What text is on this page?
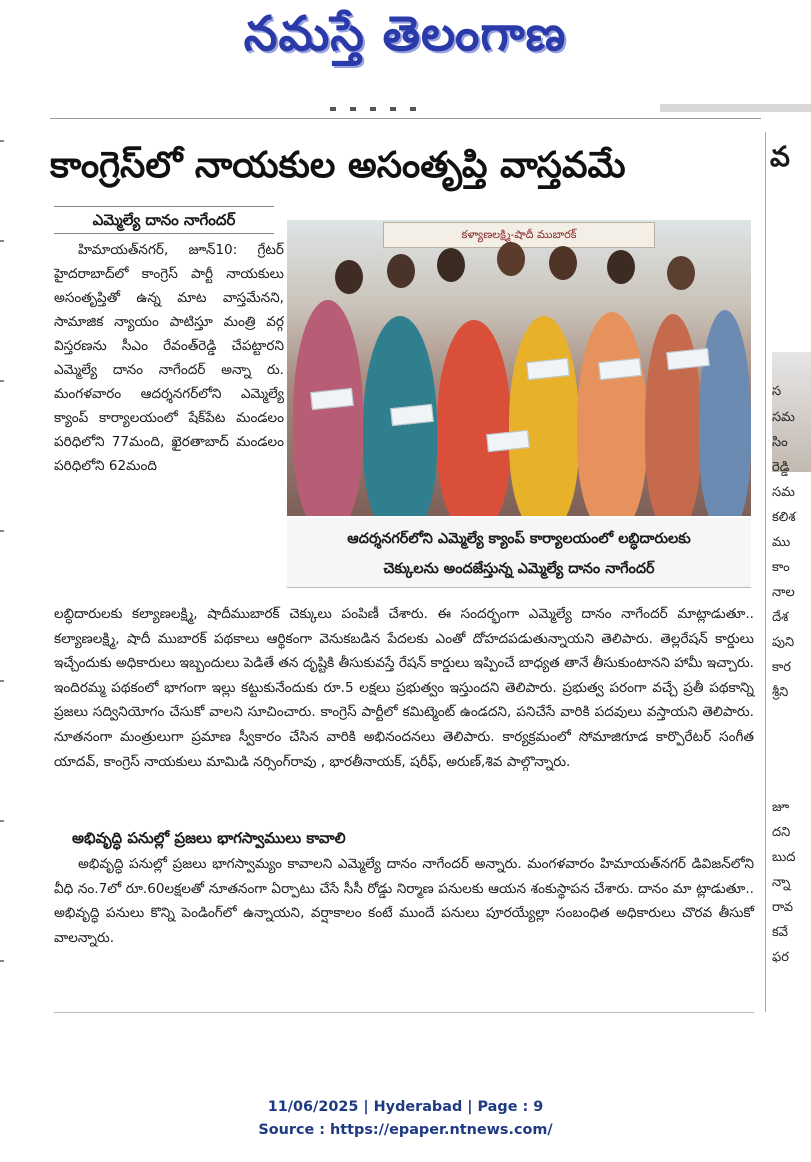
నమస్తే తెలంగాణ
కాంగ్రెస్‌లో నాయకుల అసంతృప్తి వాస్తవమే
ఎమ్మెల్యే దానం నాగేందర్

హిమాయత్‌నగర్, జూన్10: గ్రేటర్ హైదరాబాద్‌లో కాంగ్రెస్ పార్టీ నాయకులు అసంతృప్తితో ఉన్న మాట వాస్తమేనని, సామాజిక న్యాయం పాటిస్తూ మంత్రి వర్గ విస్తరణను సీఎం రేవంత్‌రెడ్డి చేపట్టారని ఎమ్మెల్యే దానం నాగేందర్ అన్నా రు. మంగళవారం ఆదర్శనగర్‌లోని ఎమ్మెల్యే క్యాంప్ కార్యాలయంలో షేక్‌పేట మండలం పరిధిలోని 77మంది, ఖైరతాబాద్ మండలం పరిధిలోని 62మంది

కళ్యాణలక్ష్మి-షాదీ ముబారక్
ఆదర్శనగర్‌లోని ఎమ్మెల్యే క్యాంప్ కార్యాలయంలో లబ్ధిదారులకు
చెక్కులను అందజేస్తున్న ఎమ్మెల్యే దానం నాగేందర్

లబ్ధిదారులకు కల్యాణలక్ష్మి, షాదీముబారక్ చెక్కులు పంపిణీ చేశారు. ఈ సందర్భంగా ఎమ్మెల్యే దానం నాగేందర్ మాట్లాడుతూ.. కల్యాణలక్ష్మి, షాదీ ముబారక్ పథకాలు ఆర్థికంగా వెనుకబడిన పేదలకు ఎంతో దోహదపడుతున్నాయని తెలిపారు. తెల్లరేషన్ కార్డులు ఇచ్చేందుకు అధికారులు ఇబ్బందులు పెడితే తన దృష్టికి తీసుకువస్తే రేషన్ కార్డులు ఇప్పించే బాధ్యత తానే తీసుకుంటానని హామీ ఇచ్చారు. ఇందిరమ్మ పథకంలో భాగంగా ఇల్లు కట్టుకునేందుకు రూ.5 లక్షలు ప్రభుత్వం ఇస్తుందని తెలిపారు. ప్రభుత్వ పరంగా వచ్చే ప్రతీ పథకాన్ని ప్రజలు సద్వినియోగం చేసుకో వాలని సూచించారు. కాంగ్రెస్ పార్టీలో కమిట్మెంట్ ఉండదని, పనిచేసే వారికి పదవులు వస్తాయని తెలిపారు. నూతనంగా మంత్రులుగా ప్రమాణ స్వీకారం చేసిన వారికి అభినందనలు తెలిపారు. కార్యక్రమంలో సోమాజిగూడ కార్పొరేటర్ సంగీత యాదవ్, కాంగ్రెస్ నాయకులు మామిడి నర్సింగ్‌రావు , భారతీనాయక్, షరీఫ్, అరుణ్,శివ పాల్గొన్నారు.

అభివృద్ధి పనుల్లో ప్రజలు భాగస్వాములు కావాలి

అభివృద్ధి పనుల్లో ప్రజలు భాగస్వామ్యం కావాలని ఎమ్మెల్యే దానం నాగేందర్ అన్నారు. మంగళవారం హిమాయత్‌నగర్ డివిజన్‌లోని వీధి నం.7లో రూ.60లక్షలతో నూతనంగా ఏర్పాటు చేసే సీసీ రోడ్డు నిర్మాణ పనులకు ఆయన శంకుస్థాపన చేశారు. దానం మా ట్లాడుతూ.. అభివృద్ధి పనులు కొన్ని పెండింగ్‌లో ఉన్నాయని, వర్షాకాలం కంటే ముందే పనులు పూరయ్యేల్లా సంబంధిత అధికారులు చొరవ తీసుకో వాలన్నారు.

వ
స
సమ
సిం
రెడ్డి
సమ
కలిశ
ము
కాం
నాల
దేశ
పుని
కార
శ్రీని
జూ
దని
బుద
న్నా
రావ
కవే
ఫర
11/06/2025 | Hyderabad | Page : 9
Source : https://epaper.ntnews.com/
